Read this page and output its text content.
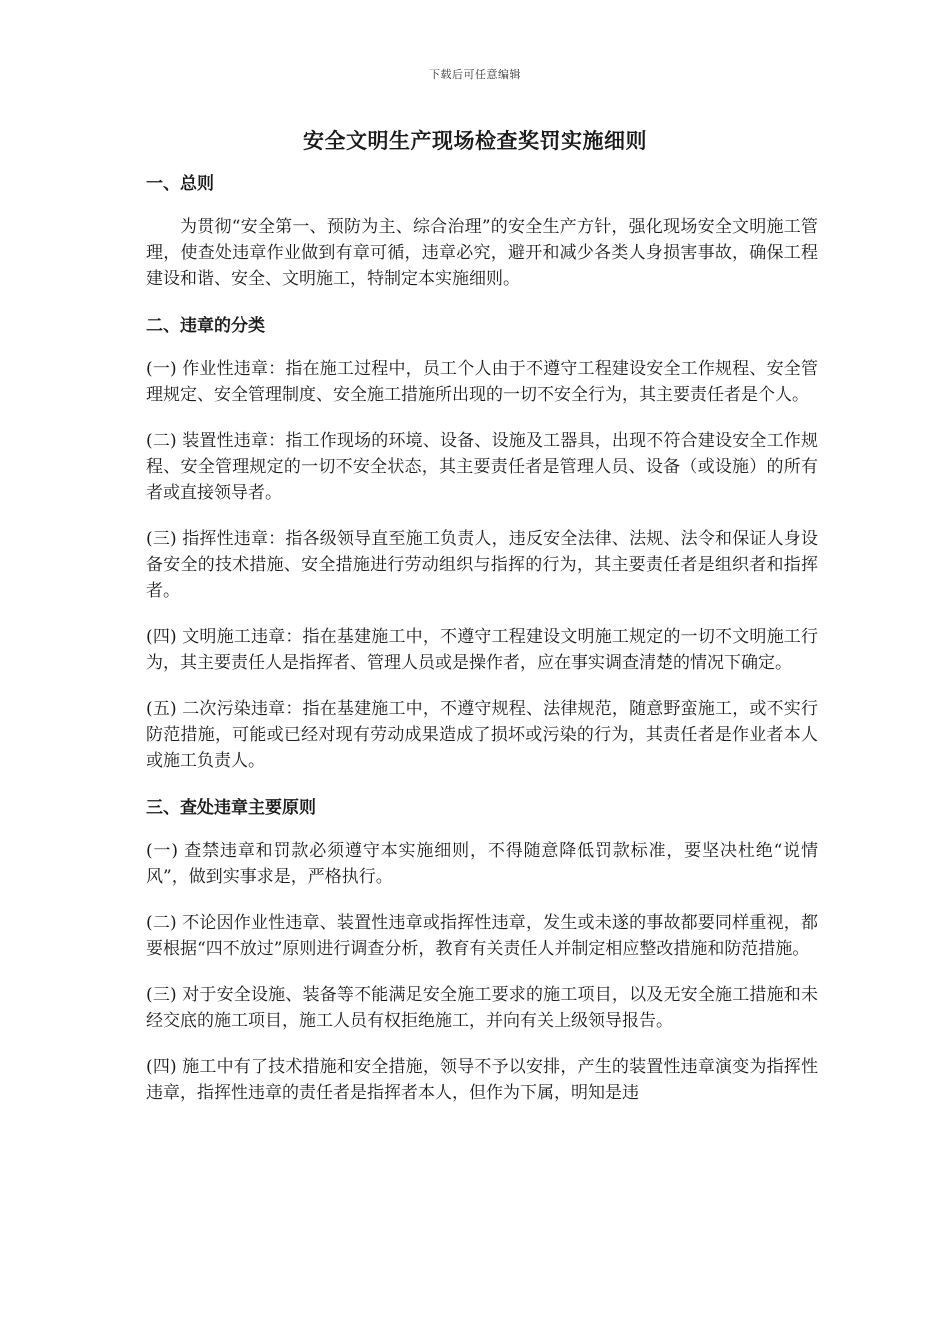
下载后可任意编辑
安全文明生产现场检查奖罚实施细则

一、总则

为贯彻“安全第一、预防为主、综合治理”的安全生产方针，强化现场安全文明施工管理，使查处违章作业做到有章可循，违章必究，避开和减少各类人身损害事故，确保工程建设和谐、安全、文明施工，特制定本实施细则。

二、违章的分类

(一) 作业性违章：指在施工过程中，员工个人由于不遵守工程建设安全工作规程、安全管理规定、安全管理制度、安全施工措施所出现的一切不安全行为，其主要责任者是个人。

(二) 装置性违章：指工作现场的环境、设备、设施及工器具，出现不符合建设安全工作规程、安全管理规定的一切不安全状态，其主要责任者是管理人员、设备（或设施）的所有者或直接领导者。

(三) 指挥性违章：指各级领导直至施工负责人，违反安全法律、法规、法令和保证人身设备安全的技术措施、安全措施进行劳动组织与指挥的行为，其主要责任者是组织者和指挥者。

(四) 文明施工违章：指在基建施工中，不遵守工程建设文明施工规定的一切不文明施工行为，其主要责任人是指挥者、管理人员或是操作者，应在事实调查清楚的情况下确定。

(五) 二次污染违章：指在基建施工中，不遵守规程、法律规范，随意野蛮施工，或不实行防范措施，可能或已经对现有劳动成果造成了损坏或污染的行为，其责任者是作业者本人或施工负责人。

三、查处违章主要原则

(一) 查禁违章和罚款必须遵守本实施细则，不得随意降低罚款标准，要坚决杜绝“说情风”，做到实事求是，严格执行。

(二) 不论因作业性违章、装置性违章或指挥性违章，发生或未遂的事故都要同样重视，都要根据“四不放过”原则进行调查分析，教育有关责任人并制定相应整改措施和防范措施。

(三) 对于安全设施、装备等不能满足安全施工要求的施工项目，以及无安全施工措施和未经交底的施工项目，施工人员有权拒绝施工，并向有关上级领导报告。

(四) 施工中有了技术措施和安全措施，领导不予以安排，产生的装置性违章演变为指挥性违章，指挥性违章的责任者是指挥者本人，但作为下属，明知是违
